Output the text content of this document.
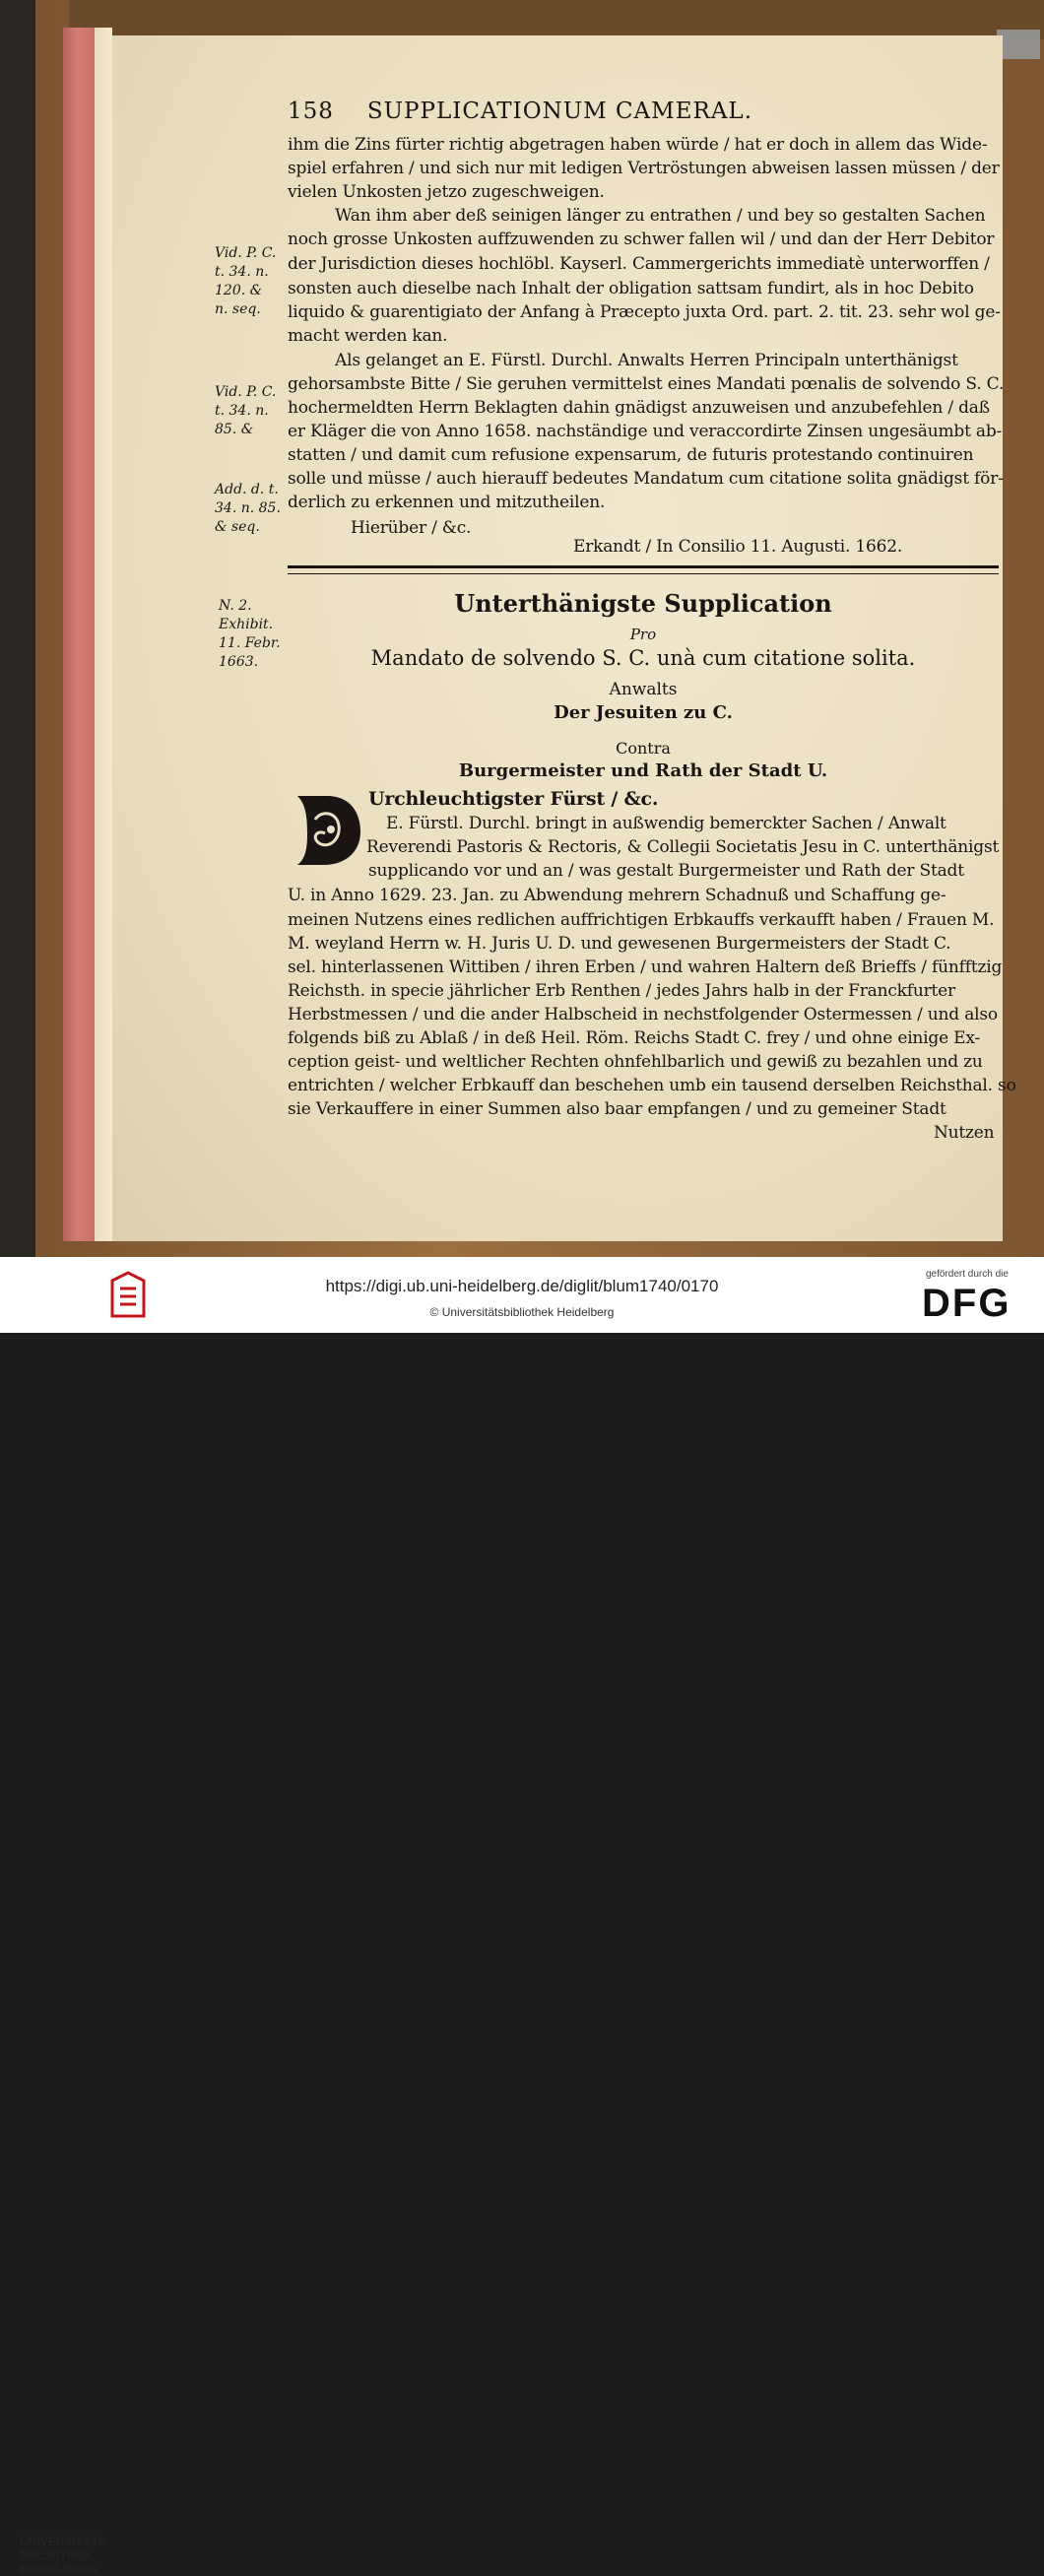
158 SUPPLICATIONUM CAMERAL.
ihm die Zins fürter richtig abgetragen haben würde / hat er doch in allem das Wide-
spiel erfahren / und sich nur mit ledigen Vertröstungen abweisen lassen müssen / der
vielen Unkosten jetzo zugeschweigen.
Wan ihm aber deß seinigen länger zu entrathen / und bey so gestalten Sachen
noch grosse Unkosten auffzuwenden zu schwer fallen wil / und dan der Herr Debitor
der Jurisdiction dieses hochlöbl. Kayserl. Cammergerichts immediatè unterworffen /
sonsten auch dieselbe nach Inhalt der obligation sattsam fundirt, als in hoc Debito
liquido & guarentigiato der Anfang à Præcepto juxta Ord. part. 2. tit. 23. sehr wol ge-
macht werden kan.
Als gelanget an E. Fürstl. Durchl. Anwalts Herren Principaln unterthänigst
gehorsambste Bitte / Sie geruhen vermittelst eines Mandati pœnalis de solvendo S. C.
hochermeldten Herrn Beklagten dahin gnädigst anzuweisen und anzubefehlen / daß
er Kläger die von Anno 1658. nachständige und veraccordirte Zinsen ungesäumbt ab-
statten / und damit cum refusione expensarum, de futuris protestando continuiren
solle und müsse / auch hierauff bedeutes Mandatum cum citatione solita gnädigst för-
derlich zu erkennen und mitzutheilen.
Hierüber / &c.
Erkandt / In Consilio 11. Augusti. 1662.
Vid. P. C.
t. 34. n.
120. &
n. seq.
Vid. P. C.
t. 34. n.
85. &
Add. d. t.
34. n. 85.
& seq.
N. 2.
Exhibit.
11. Febr.
1663.
Unterthänigste Supplication
Pro
Mandato de solvendo S. C. unà cum citatione solita.
Anwalts
Der Jesuiten zu C.
Contra
Burgermeister und Rath der Stadt U.
Urchleuchtigster Fürst / &c.
E. Fürstl. Durchl. bringt in außwendig bemerckter Sachen / Anwalt
Reverendi Pastoris & Rectoris, & Collegii Societatis Jesu in C. unterthänigst
supplicando vor und an / was gestalt Burgermeister und Rath der Stadt
U. in Anno 1629. 23. Jan. zu Abwendung mehrern Schadnuß und Schaffung ge-
meinen Nutzens eines redlichen auffrichtigen Erbkauffs verkaufft haben / Frauen M.
M. weyland Herrn w. H. Juris U. D. und gewesenen Burgermeisters der Stadt C.
sel. hinterlassenen Wittiben / ihren Erben / und wahren Haltern deß Brieffs / fünfftzig
Reichsth. in specie jährlicher Erb Renthen / jedes Jahrs halb in der Franckfurter
Herbstmessen / und die ander Halbscheid in nechstfolgender Ostermessen / und also
folgends biß zu Ablaß / in deß Heil. Röm. Reichs Stadt C. frey / und ohne einige Ex-
ception geist- und weltlicher Rechten ohnfehlbarlich und gewiß zu bezahlen und zu
entrichten / welcher Erbkauff dan beschehen umb ein tausend derselben Reichsthal. so
sie Verkauffere in einer Summen also baar empfangen / und zu gemeiner Stadt
Nutzen
UNIVERSITÄTS-
BIBLIOTHEK
HEIDELBERG
https://digi.ub.uni-heidelberg.de/diglit/blum1740/0170
© Universitätsbibliothek Heidelberg
gefördert durch die
DFG
